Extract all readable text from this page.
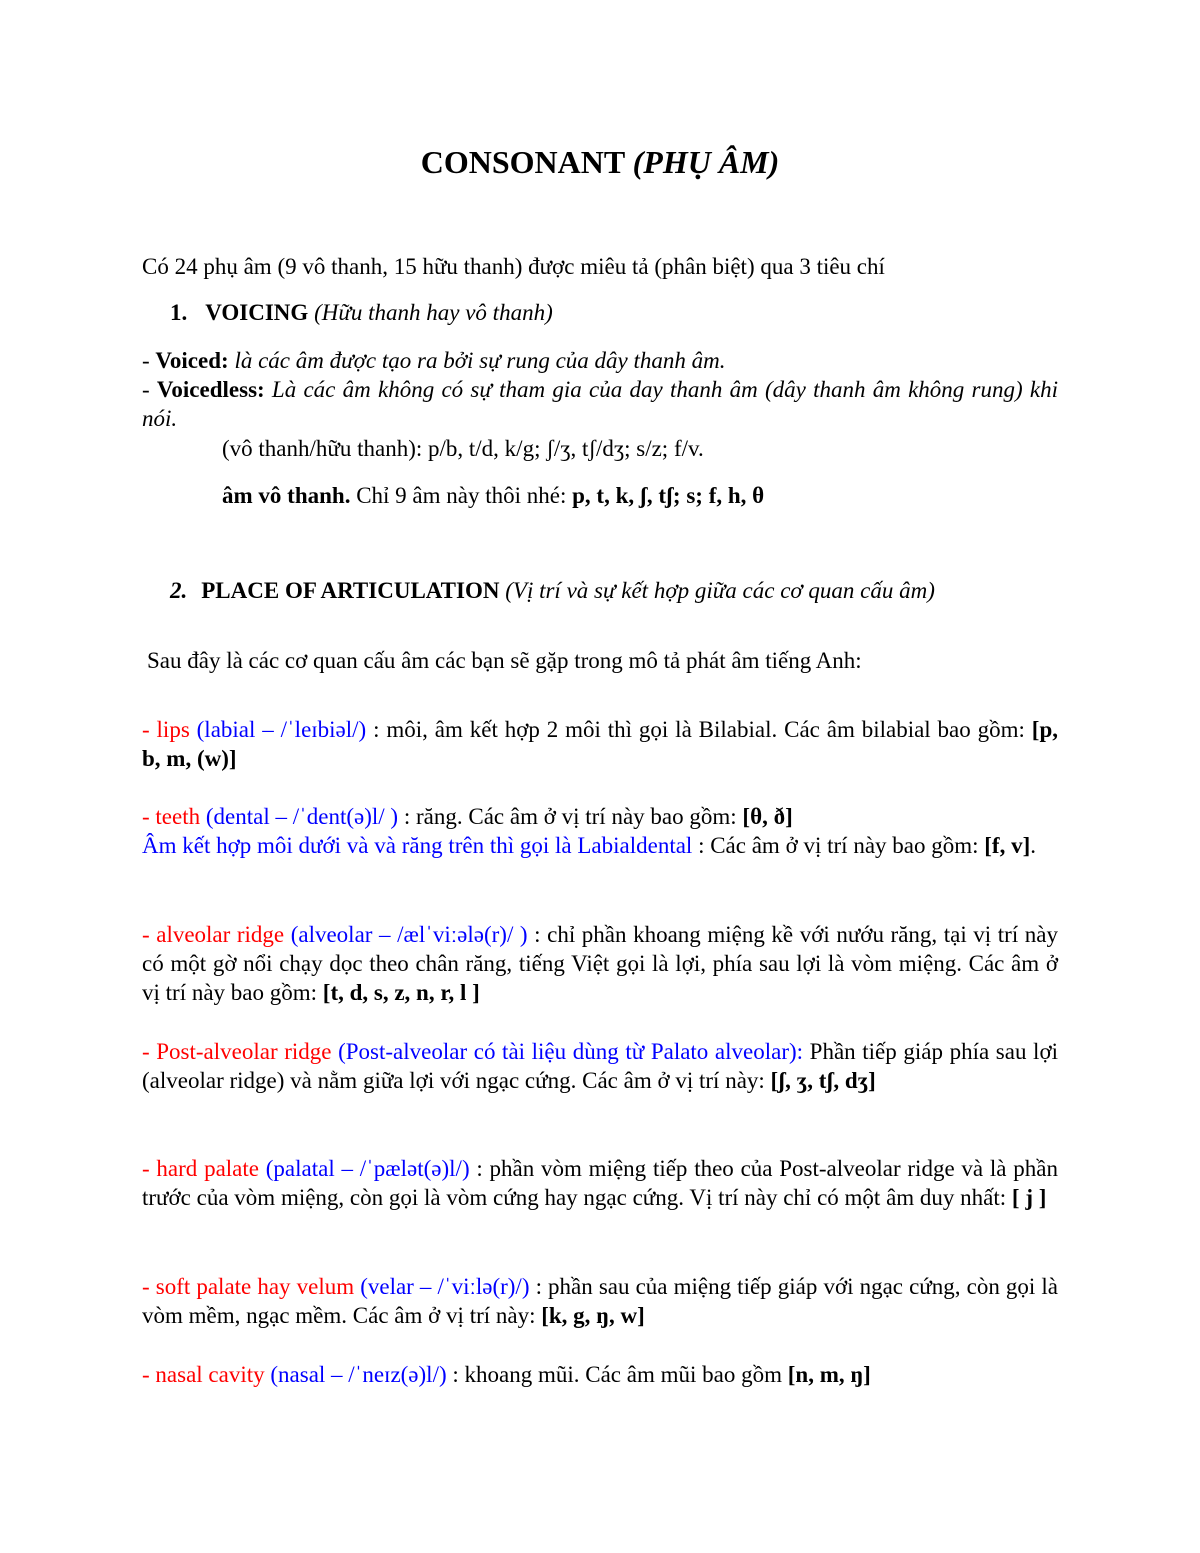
CONSONANT (PHỤ ÂM)

Có 24 phụ âm (9 vô thanh, 15 hữu thanh) được miêu tả (phân biệt) qua 3 tiêu chí

1. VOICING (Hữu thanh hay vô thanh)

- Voiced: là các âm được tạo ra bởi sự rung của dây thanh âm.

- Voicedless: Là các âm không có sự tham gia của day thanh âm (dây thanh âm không rung) khi nói.

(vô thanh/hữu thanh): p/b, t/d, k/g; ʃ/ʒ, tʃ/dʒ; s/z; f/v.

âm vô thanh. Chỉ 9 âm này thôi nhé: p, t, k, ʃ, tʃ; s; f, h, θ

2. PLACE OF ARTICULATION (Vị trí và sự kết hợp giữa các cơ quan cấu âm)

Sau đây là các cơ quan cấu âm các bạn sẽ gặp trong mô tả phát âm tiếng Anh:

- lips (labial – /ˈleɪbiəl/) : môi, âm kết hợp 2 môi thì gọi là Bilabial. Các âm bilabial bao gồm: [p, b, m, (w)]

- teeth (dental – /ˈdent(ə)l/ ) : răng. Các âm ở vị trí này bao gồm: [θ, ð]

Âm kết hợp môi dưới và và răng trên thì gọi là Labialdental : Các âm ở vị trí này bao gồm: [f, v].

- alveolar ridge (alveolar – /ælˈviːələ(r)/ ) : chỉ phần khoang miệng kề với nướu răng, tại vị trí này có một gờ nổi chạy dọc theo chân răng, tiếng Việt gọi là lợi, phía sau lợi là vòm miệng. Các âm ở vị trí này bao gồm: [t, d, s, z, n, r, l ]

- Post-alveolar ridge (Post-alveolar có tài liệu dùng từ Palato alveolar): Phần tiếp giáp phía sau lợi (alveolar ridge) và nằm giữa lợi với ngạc cứng. Các âm ở vị trí này: [ʃ, ʒ, tʃ, dʒ]

- hard palate (palatal – /ˈpælət(ə)l/) : phần vòm miệng tiếp theo của Post-alveolar ridge và là phần trước của vòm miệng, còn gọi là vòm cứng hay ngạc cứng. Vị trí này chỉ có một âm duy nhất: [ j ]

- soft palate hay velum (velar – /ˈviːlə(r)/) : phần sau của miệng tiếp giáp với ngạc cứng, còn gọi là vòm mềm, ngạc mềm. Các âm ở vị trí này: [k, g, ŋ, w]

- nasal cavity (nasal – /ˈneɪz(ə)l/) : khoang mũi. Các âm mũi bao gồm [n, m, ŋ]
